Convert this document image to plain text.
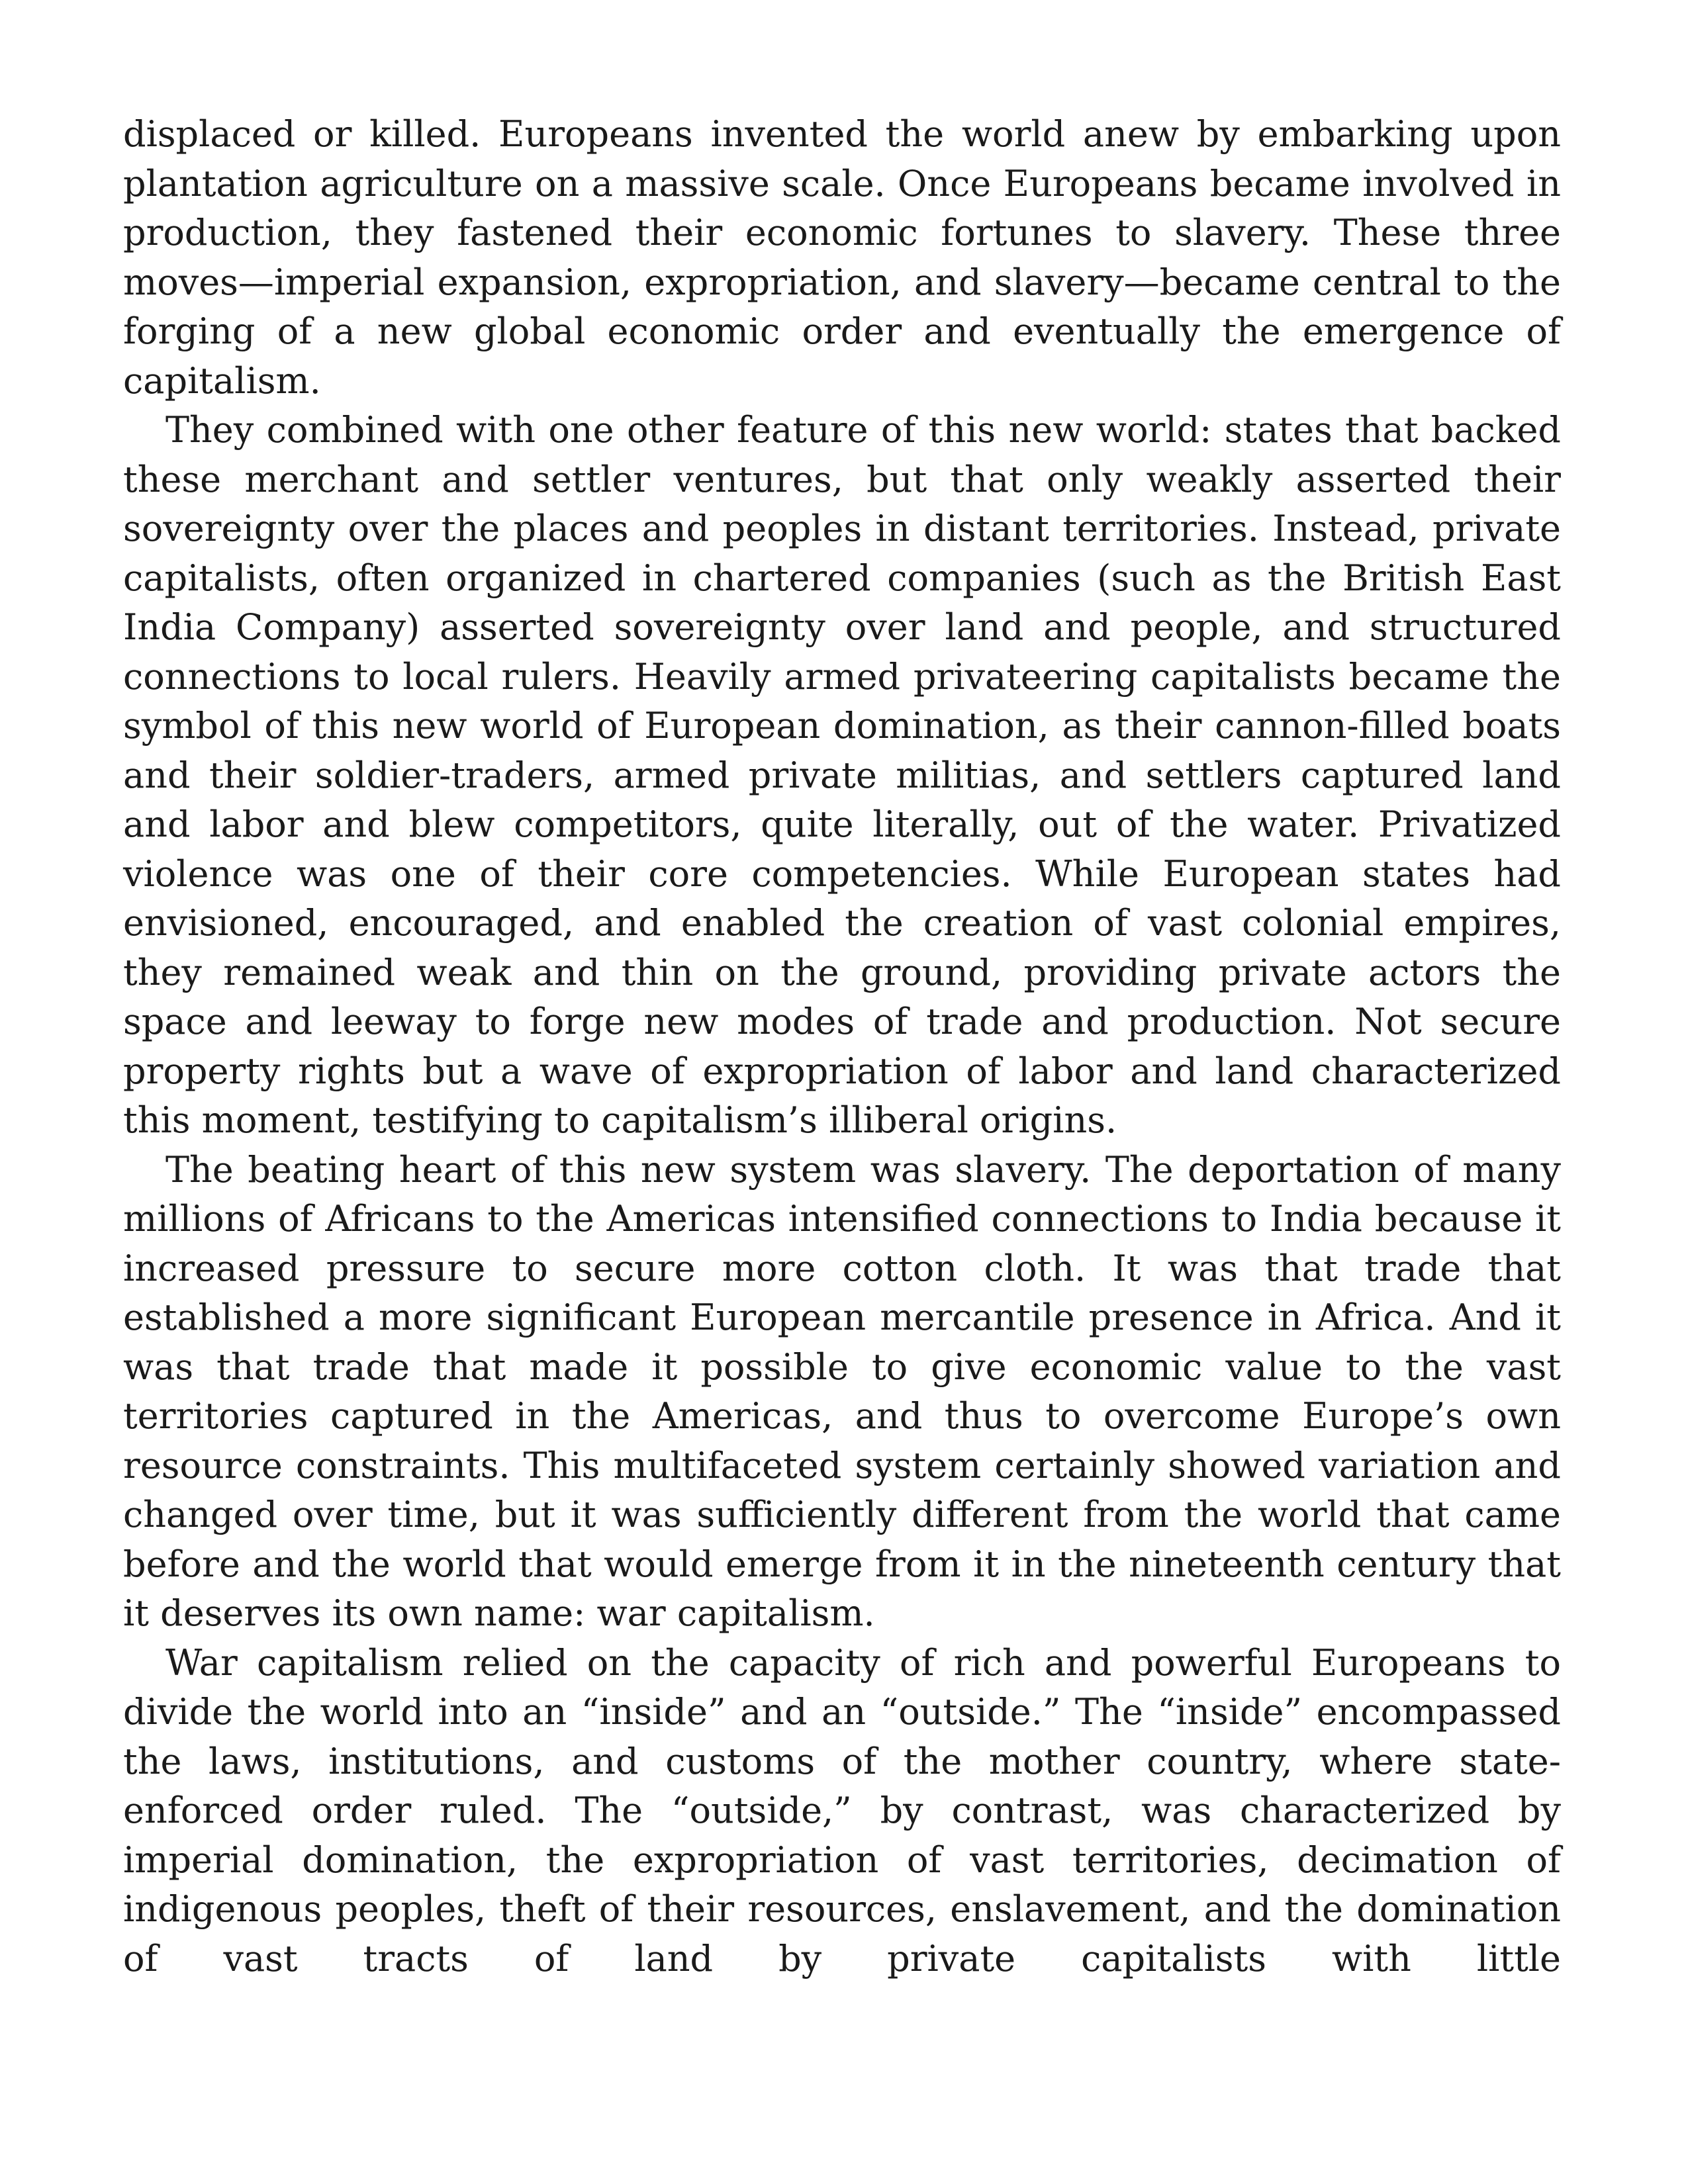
displaced or killed. Europeans invented the world anew by embarking upon plantation agriculture on a massive scale. Once Europeans became involved in production, they fastened their economic fortunes to slavery. These three moves—imperial expansion, expropriation, and slavery—became central to the forging of a new global economic order and eventually the emergence of capitalism.

They combined with one other feature of this new world: states that backed these merchant and settler ventures, but that only weakly asserted their sovereignty over the places and peoples in distant territories. Instead, private capitalists, often organized in chartered companies (such as the British East India Company) asserted sovereignty over land and people, and structured connections to local rulers. Heavily armed privateering capitalists became the symbol of this new world of European domination, as their cannon-filled boats and their soldier-traders, armed private militias, and settlers captured land and labor and blew competitors, quite literally, out of the water. Privatized violence was one of their core competencies. While European states had envisioned, encouraged, and enabled the creation of vast colonial empires, they remained weak and thin on the ground, providing private actors the space and leeway to forge new modes of trade and production. Not secure property rights but a wave of expropriation of labor and land characterized this moment, testifying to capitalism’s illiberal origins.

The beating heart of this new system was slavery. The deportation of many millions of Africans to the Americas intensified connections to India because it increased pressure to secure more cotton cloth. It was that trade that established a more significant European mercantile presence in Africa. And it was that trade that made it possible to give economic value to the vast territories captured in the Americas, and thus to overcome Europe’s own resource constraints. This multifaceted system certainly showed variation and changed over time, but it was sufficiently different from the world that came before and the world that would emerge from it in the nineteenth century that it deserves its own name: war capitalism.

War capitalism relied on the capacity of rich and powerful Europeans to divide the world into an “inside” and an “outside.” The “inside” encompassed the laws, institutions, and customs of the mother country, where state-enforced order ruled. The “outside,” by contrast, was characterized by imperial domination, the expropriation of vast territories, decimation of indigenous peoples, theft of their resources, enslavement, and the domination of vast tracts of land by private capitalists with little
